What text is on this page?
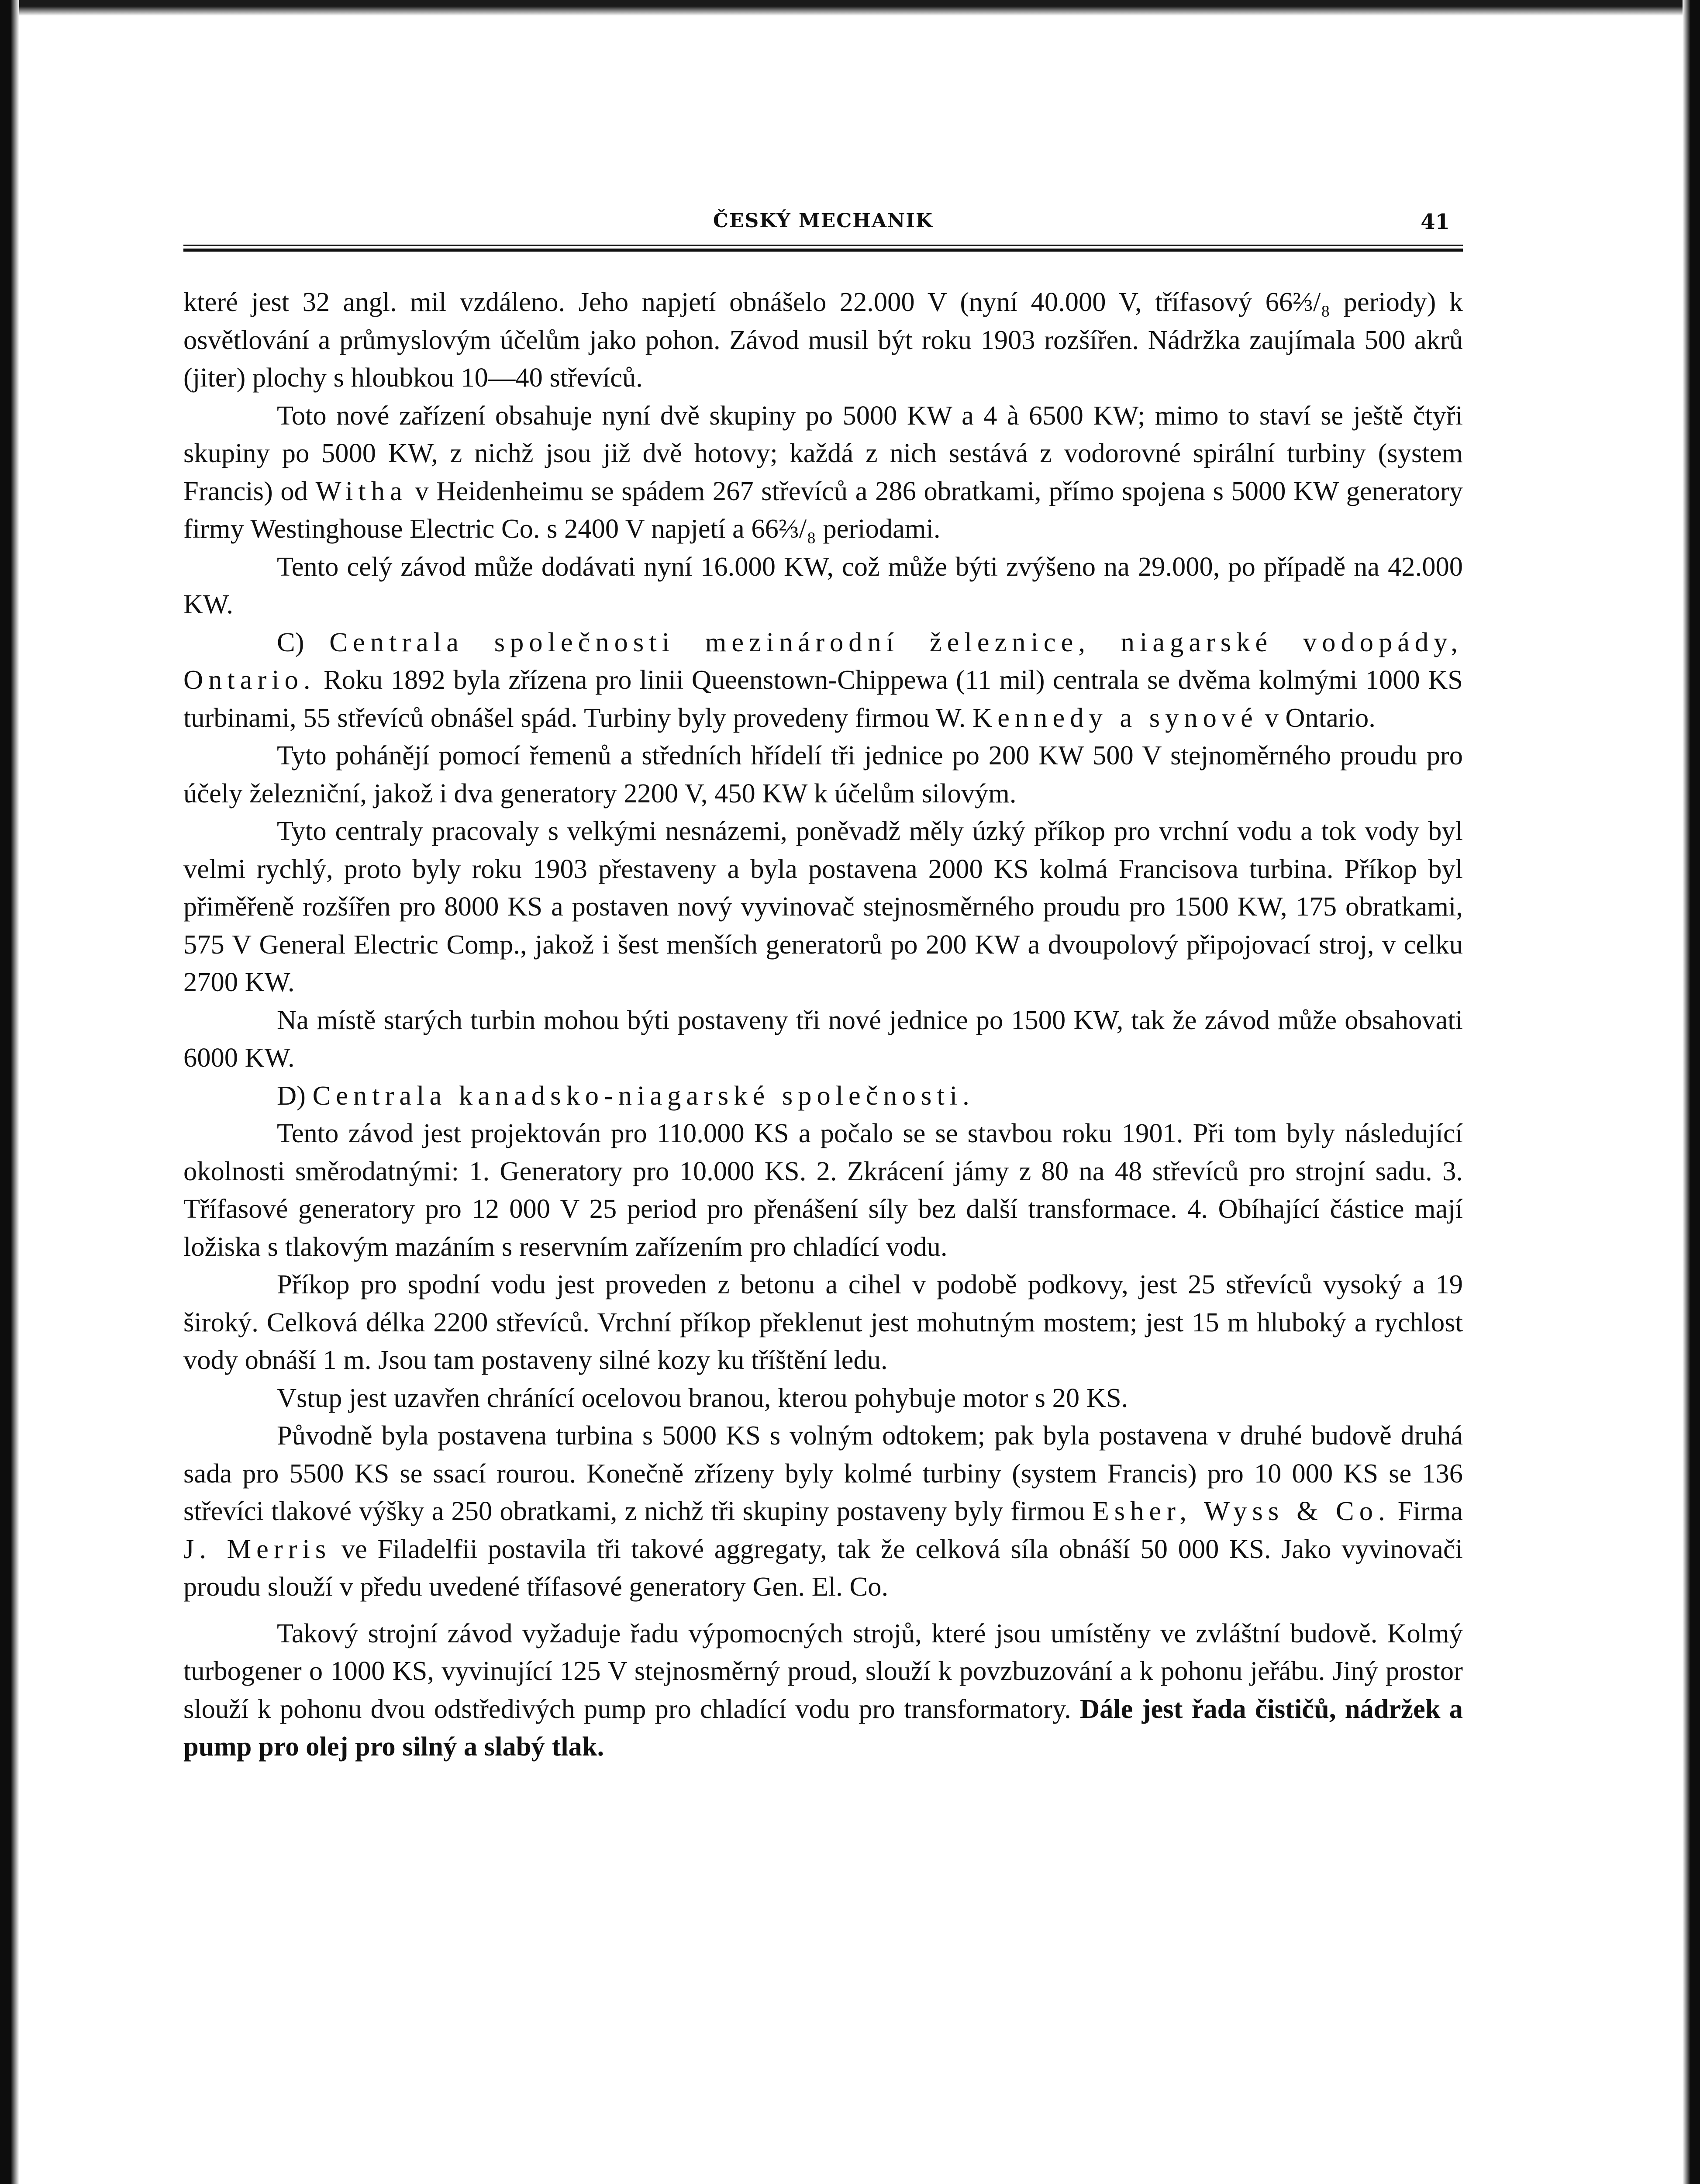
ČESKÝ MECHANIK	41

které jest 32 angl. mil vzdáleno. Jeho napjetí obnášelo 22.000 V (nyní 40.000 V, třífasový 66⅔/₈ periody) k osvětlování a průmyslovým účelům jako pohon. Závod musil být roku 1903 rozšířen. Nádržka zaujímala 500 akrů (jiter) plochy s hloubkou 10—40 střevíců.

Toto nové zařízení obsahuje nyní dvě skupiny po 5000 KW a 4 à 6500 KW; mimo to staví se ještě čtyři skupiny po 5000 KW, z nichž jsou již dvě hotovy; každá z nich sestává z vodorovné spirální turbiny (system Francis) od Witha v Heidenheimu se spádem 267 střevíců a 286 obratkami, přímo spojena s 5000 KW generatory firmy Westinghouse Electric Co. s 2400 V napjetí a 66⅔/₈ periodami.

Tento celý závod může dodávati nyní 16.000 KW, což může býti zvýšeno na 29.000, po případě na 42.000 KW.

C) Centrala společnosti mezinárodní železnice, niagarské vodopády, Ontario. Roku 1892 byla zřízena pro linii Queenstown-Chippewa (11 mil) centrala se dvěma kolmými 1000 KS turbinami, 55 střevíců obnášel spád. Turbiny byly provedeny firmou W. Kennedy a synové v Ontario.

Tyto pohánějí pomocí řemenů a středních hřídelí tři jednice po 200 KW 500 V stejnoměrného proudu pro účely železniční, jakož i dva generatory 2200 V, 450 KW k účelům silovým.

Tyto centraly pracovaly s velkými nesnázemi, poněvadž měly úzký příkop pro vrchní vodu a tok vody byl velmi rychlý, proto byly roku 1903 přestaveny a byla postavena 2000 KS kolmá Francisova turbina. Příkop byl přiměřeně rozšířen pro 8000 KS a postaven nový vyvinovač stejnosměrného proudu pro 1500 KW, 175 obratkami, 575 V General Electric Comp., jakož i šest menších generatorů po 200 KW a dvoupolový připojovací stroj, v celku 2700 KW.

Na místě starých turbin mohou býti postaveny tři nové jednice po 1500 KW, tak že závod může obsahovati 6000 KW.

D) Centrala kanadsko-niagarské společnosti.

Tento závod jest projektován pro 110.000 KS a počalo se se stavbou roku 1901. Při tom byly následující okolnosti směrodatnými: 1. Generatory pro 10.000 KS. 2. Zkrácení jámy z 80 na 48 střevíců pro strojní sadu. 3. Třífasové generatory pro 12 000 V 25 period pro přenášení síly bez další transformace. 4. Obíhající částice mají ložiska s tlakovým mazáním s reservním zařízením pro chladící vodu.

Příkop pro spodní vodu jest proveden z betonu a cihel v podobě podkovy, jest 25 střevíců vysoký a 19 široký. Celková délka 2200 střevíců. Vrchní příkop překlenut jest mohutným mostem; jest 15 m hluboký a rychlost vody obnáší 1 m. Jsou tam postaveny silné kozy ku tříštění ledu.

Vstup jest uzavřen chránící ocelovou branou, kterou pohybuje motor s 20 KS.

Původně byla postavena turbina s 5000 KS s volným odtokem; pak byla postavena v druhé budově druhá sada pro 5500 KS se ssací rourou. Konečně zřízeny byly kolmé turbiny (system Francis) pro 10 000 KS se 136 střevíci tlakové výšky a 250 obratkami, z nichž tři skupiny postaveny byly firmou Esher, Wyss & Co. Firma J. Merris ve Filadelfii postavila tři takové aggregaty, tak že celková síla obnáší 50 000 KS. Jako vyvinovači proudu slouží v předu uvedené třífasové generatory Gen. El. Co.

Takový strojní závod vyžaduje řadu výpomocných strojů, které jsou umístěny ve zvláštní budově. Kolmý turbogener o 1000 KS, vyvinující 125 V stejnosměrný proud, slouží k povzbuzování a k pohonu jeřábu. Jiný prostor slouží k pohonu dvou odstředivých pump pro chladící vodu pro transformatory. Dále jest řada čističů, nádržek a pump pro olej pro silný a slabý tlak.
